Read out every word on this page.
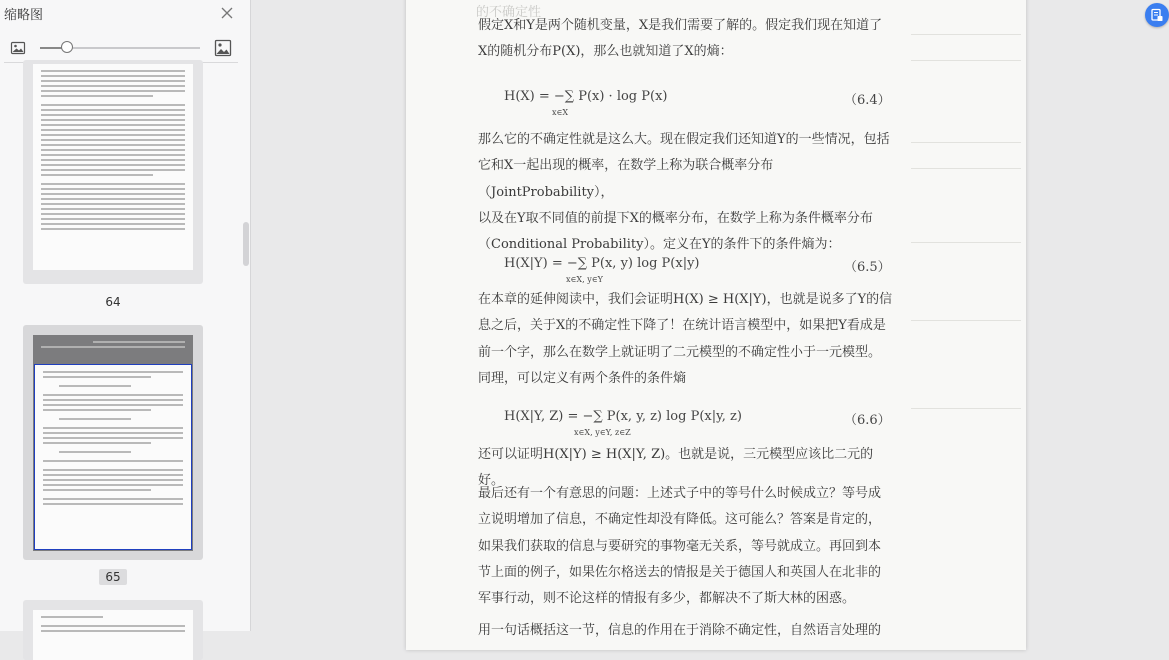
缩略图
64
65
的不确定性
假定X和Y是两个随机变量，X是我们需要了解的。假定我们现在知道了
X的随机分布P(X)，那么也就知道了X的熵：
H(X) = −∑ P(x) · log P(x)
x∈X
（6.4）
那么它的不确定性就是这么大。现在假定我们还知道Y的一些情况，包括
它和X一起出现的概率，在数学上称为联合概率分布（JointProbability），
以及在Y取不同值的前提下X的概率分布，在数学上称为条件概率分布
（Conditional Probability）。定义在Y的条件下的条件熵为：
H(X|Y) = −∑ P(x, y) log P(x|y)
x∈X, y∈Y
（6.5）
在本章的延伸阅读中，我们会证明H(X) ≥ H(X|Y)，也就是说多了Y的信
息之后，关于X的不确定性下降了！在统计语言模型中，如果把Y看成是
前一个字，那么在数学上就证明了二元模型的不确定性小于一元模型。
同理，可以定义有两个条件的条件熵
H(X|Y, Z) = −∑ P(x, y, z) log P(x|y, z)
x∈X, y∈Y, z∈Z
（6.6）
还可以证明H(X|Y) ≥ H(X|Y, Z)。也就是说，三元模型应该比二元的好。
最后还有一个有意思的问题：上述式子中的等号什么时候成立？等号成
立说明增加了信息，不确定性却没有降低。这可能么？答案是肯定的，
如果我们获取的信息与要研究的事物毫无关系，等号就成立。再回到本
节上面的例子，如果佐尔格送去的情报是关于德国人和英国人在北非的
军事行动，则不论这样的情报有多少，都解决不了斯大林的困惑。
用一句话概括这一节，信息的作用在于消除不确定性，自然语言处理的
